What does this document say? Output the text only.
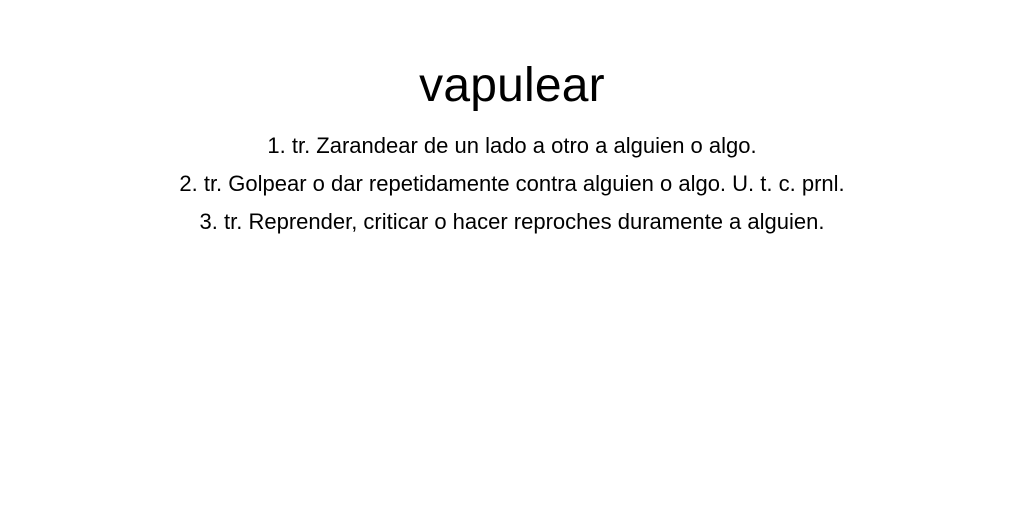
vapulear
1. tr. Zarandear de un lado a otro a alguien o algo.
2. tr. Golpear o dar repetidamente contra alguien o algo. U. t. c. prnl.
3. tr. Reprender, criticar o hacer reproches duramente a alguien.
